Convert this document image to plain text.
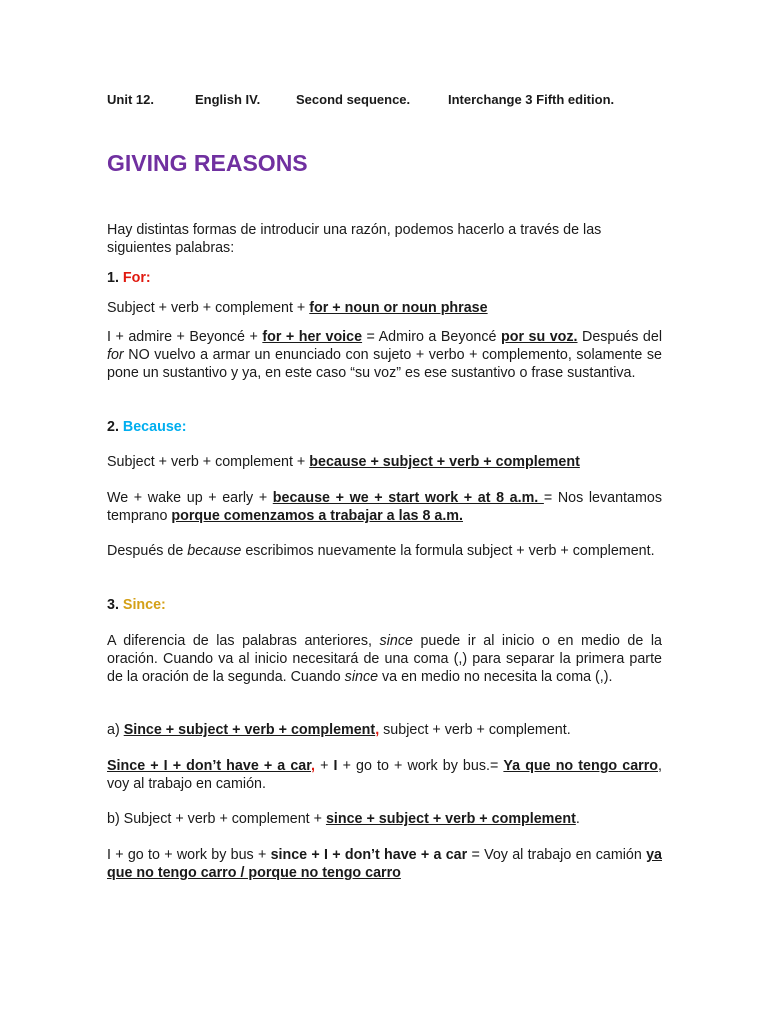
Unit 12.	English IV.	Second sequence.	Interchange 3 Fifth edition.
GIVING REASONS

Hay distintas formas de introducir una razón, podemos hacerlo a través de las siguientes palabras:

1. For:

Subject + verb + complement + for + noun or noun phrase

I + admire + Beyoncé + for + her voice = Admiro a Beyoncé por su voz. Después del for NO vuelvo a armar un enunciado con sujeto + verbo + complemento, solamente se pone un sustantivo y ya, en este caso “su voz” es ese sustantivo o frase sustantiva.

2. Because:

Subject + verb + complement + because + subject + verb + complement

We + wake up + early + because + we + start work + at 8 a.m. = Nos levantamos temprano porque comenzamos a trabajar a las 8 a.m.

Después de because escribimos nuevamente la formula subject + verb + complement.

3. Since:

A diferencia de las palabras anteriores, since puede ir al inicio o en medio de la oración. Cuando va al inicio necesitará de una coma (,) para separar la primera parte de la oración de la segunda. Cuando since va en medio no necesita la coma (,).

a) Since + subject + verb + complement, subject + verb + complement.

Since + I + don’t have + a car, + I + go to + work by bus.= Ya que no tengo carro, voy al trabajo en camión.

b) Subject + verb + complement + since + subject + verb + complement.

I + go to + work by bus + since + I + don’t have + a car = Voy al trabajo en camión ya que no tengo carro / porque no tengo carro
